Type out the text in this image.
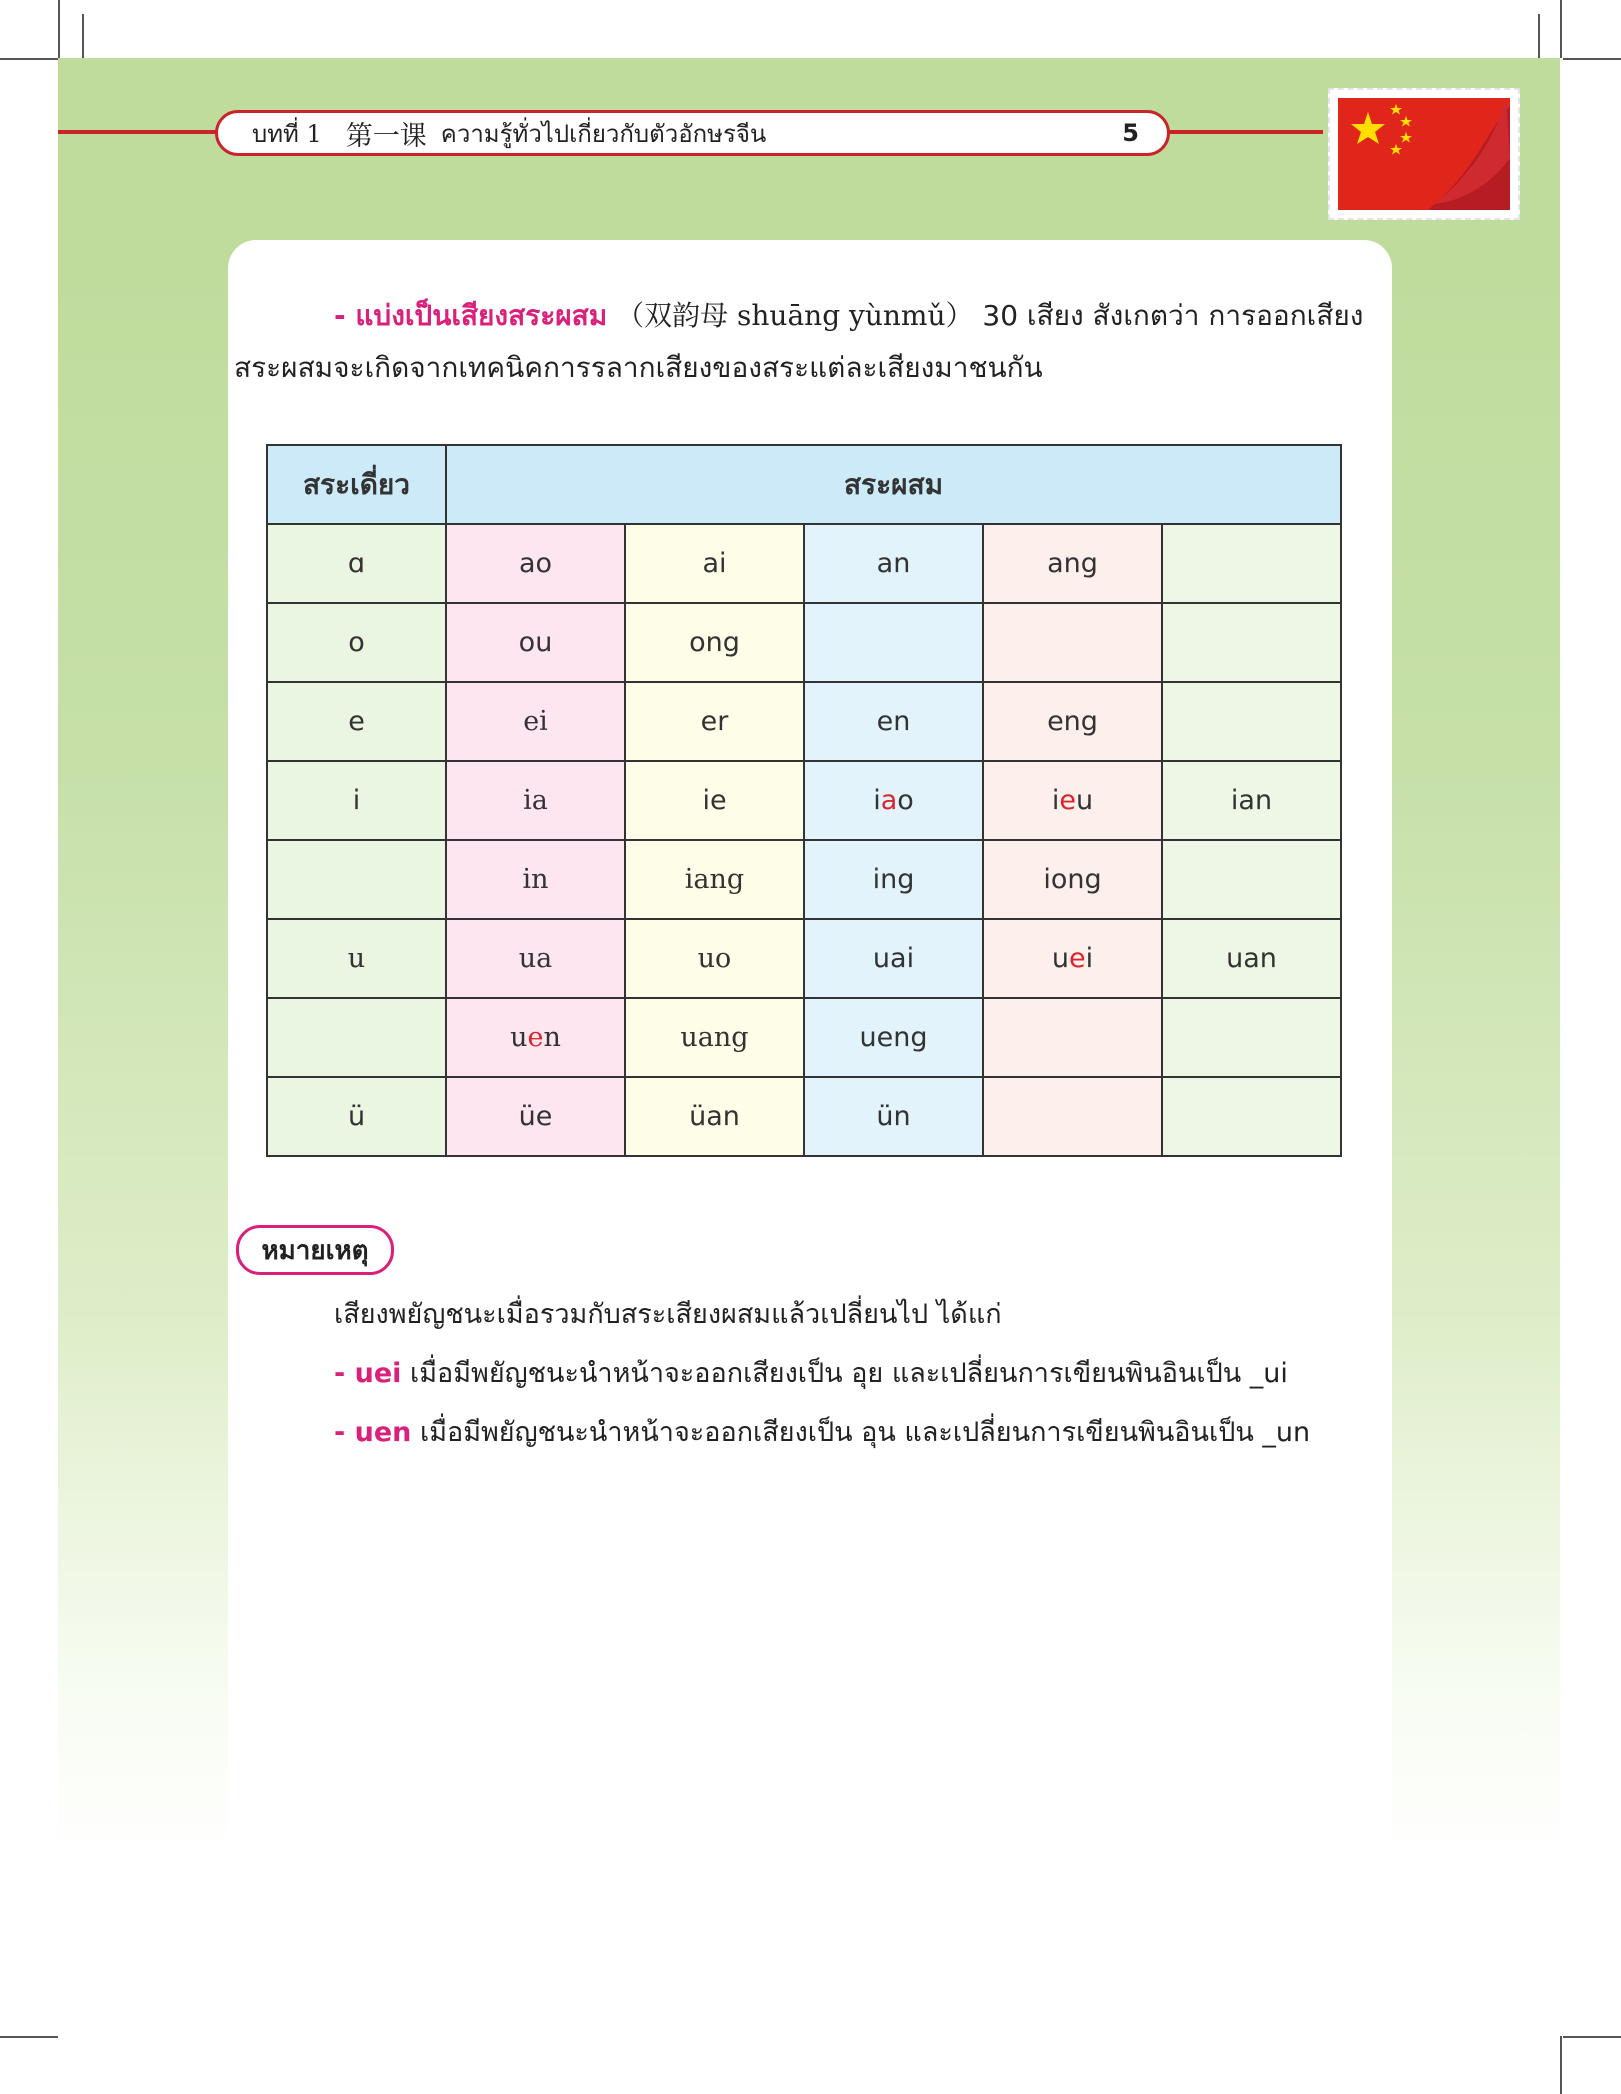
บทที่ 1 第一课 ความรู้ทั่วไปเกี่ยวกับตัวอักษรจีน	5
- แบ่งเป็นเสียงสระผสม （双韵母 shuāng yùnmǔ） 30 เสียง สังเกตว่า การออกเสียง
สระผสมจะเกิดจากเทคนิคการรลากเสียงของสระแต่ละเสียงมาชนกัน
สระเดี่ยว	สระผสม				
ɑ	ao	ai	an	ang	
o	ou	ong			
e	ei	er	en	eng	
i	ia	ie	iao	ieu	ian
	in	iang	ing	iong	
u	ua	uo	uai	uei	uan
	uen	uang	ueng		
ü	üe	üan	ün		
หมายเหตุ
เสียงพยัญชนะเมื่อรวมกับสระเสียงผสมแล้วเปลี่ยนไป ได้แก่
- uei เมื่อมีพยัญชนะนำหน้าจะออกเสียงเป็น อุย และเปลี่ยนการเขียนพินอินเป็น _ui
- uen เมื่อมีพยัญชนะนำหน้าจะออกเสียงเป็น อุน และเปลี่ยนการเขียนพินอินเป็น _un
